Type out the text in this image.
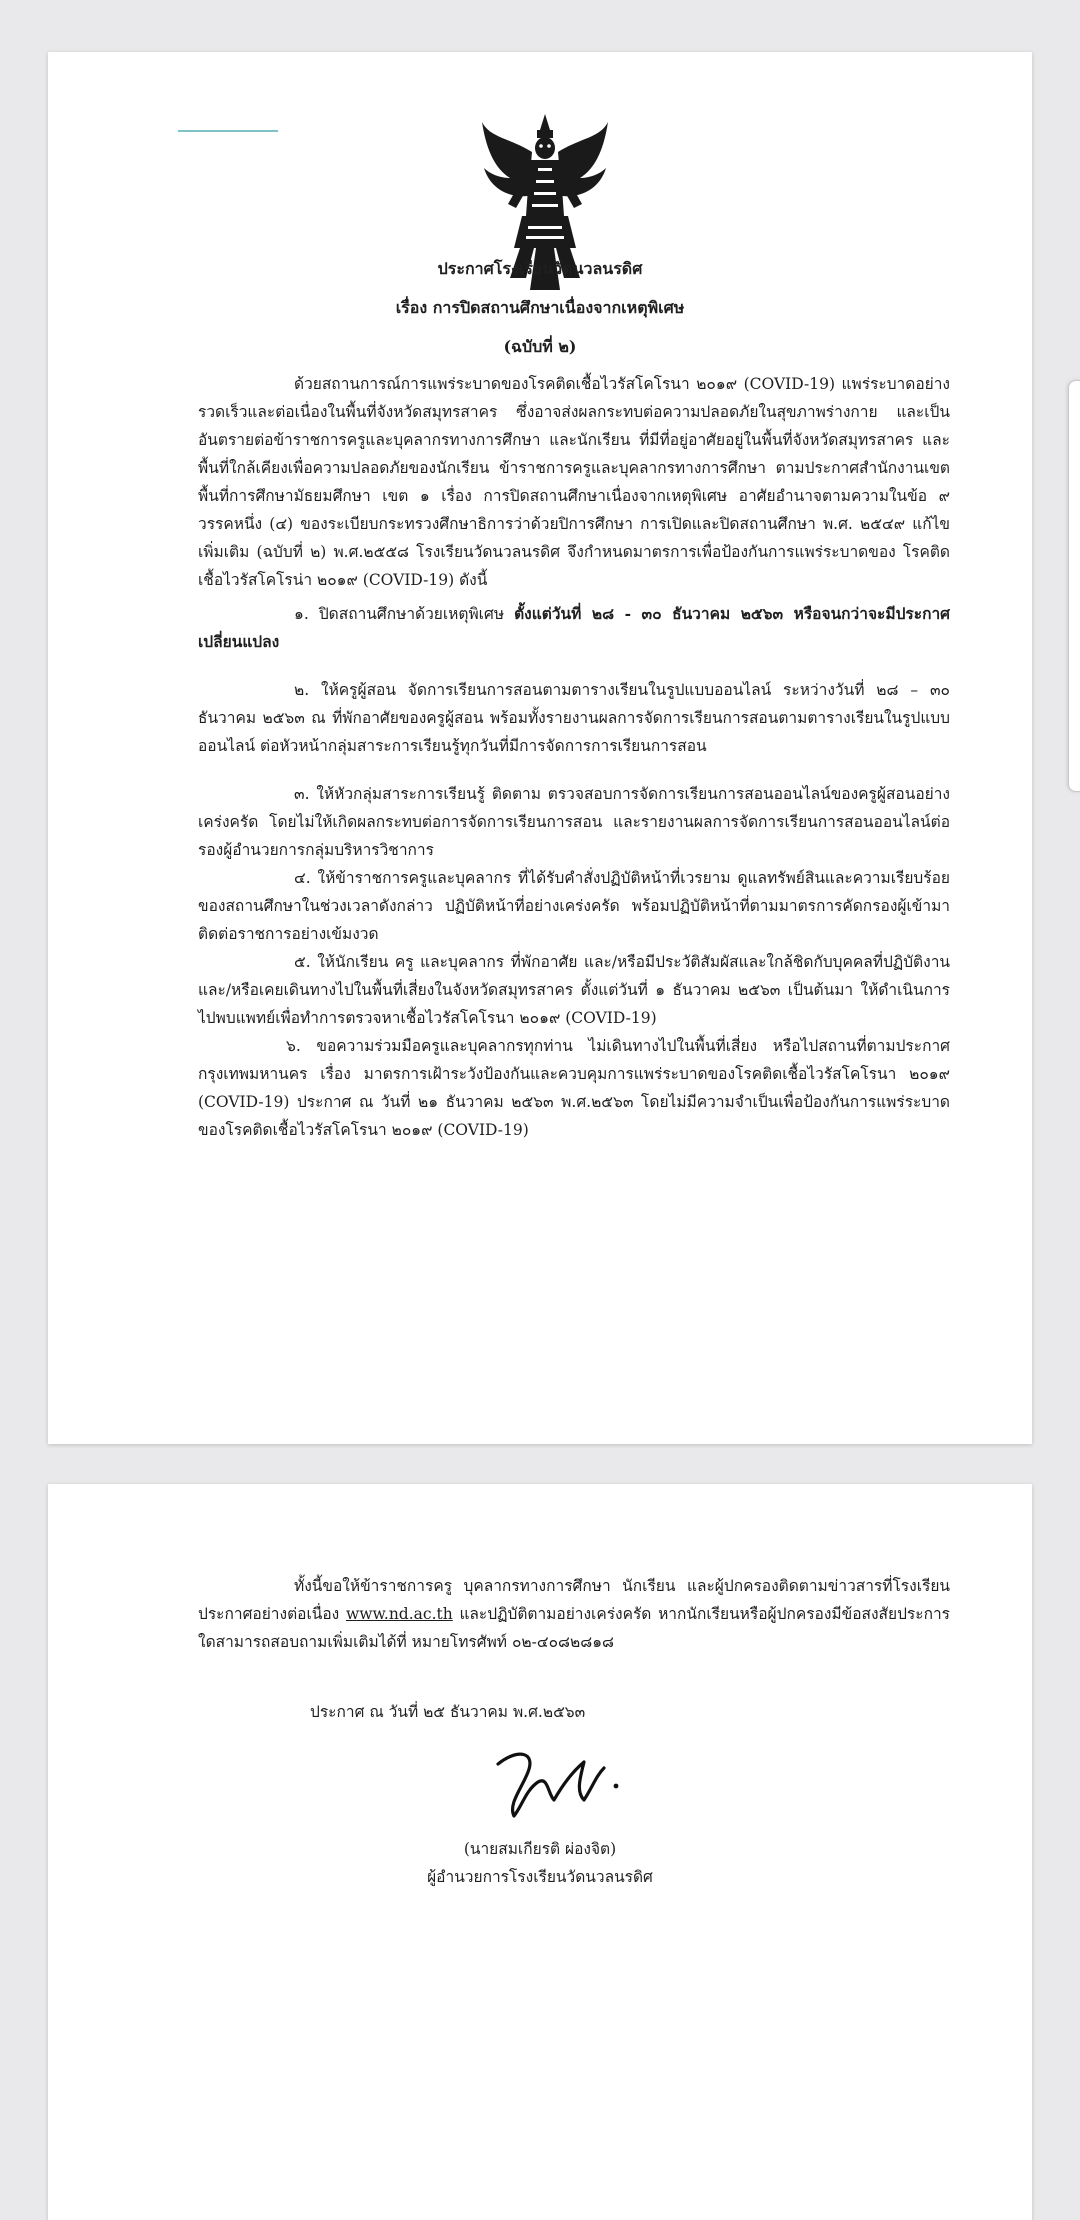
ประกาศโรงเรียนวัดนวลนรดิศ
เรื่อง การปิดสถานศึกษาเนื่องจากเหตุพิเศษ
(ฉบับที่ ๒)

ด้วยสถานการณ์การแพร่ระบาดของโรคติดเชื้อไวรัสโคโรนา ๒๐๑๙ (COVID-19) แพร่ระบาดอย่างรวดเร็วและต่อเนื่องในพื้นที่จังหวัดสมุทรสาคร ซึ่งอาจส่งผลกระทบต่อความปลอดภัยในสุขภาพร่างกาย และเป็นอันตรายต่อข้าราชการครูและบุคลากรทางการศึกษา และนักเรียน ที่มีที่อยู่อาศัยอยู่ในพื้นที่จังหวัดสมุทรสาคร และพื้นที่ใกล้เคียงเพื่อความปลอดภัยของนักเรียน ข้าราชการครูและบุคลากรทางการศึกษา ตามประกาศสำนักงานเขตพื้นที่การศึกษามัธยมศึกษา เขต ๑ เรื่อง การปิดสถานศึกษาเนื่องจากเหตุพิเศษ อาศัยอำนาจตามความในข้อ ๙ วรรคหนึ่ง (๔) ของระเบียบกระทรวงศึกษาธิการว่าด้วยปิการศึกษา การเปิดและปิดสถานศึกษา พ.ศ. ๒๕๔๙ แก้ไขเพิ่มเติม (ฉบับที่ ๒) พ.ศ.๒๕๕๘ โรงเรียนวัดนวลนรดิศ จึงกำหนดมาตรการเพื่อป้องกันการแพร่ระบาดของ โรคติดเชื้อไวรัสโคโรน่า ๒๐๑๙ (COVID-19) ดังนี้

๑. ปิดสถานศึกษาด้วยเหตุพิเศษ ตั้งแต่วันที่ ๒๘ - ๓๐ ธันวาคม ๒๕๖๓ หรือจนกว่าจะมีประกาศเปลี่ยนแปลง

๒. ให้ครูผู้สอน จัดการเรียนการสอนตามตารางเรียนในรูปแบบออนไลน์ ระหว่างวันที่ ๒๘ – ๓๐ ธันวาคม ๒๕๖๓ ณ ที่พักอาศัยของครูผู้สอน พร้อมทั้งรายงานผลการจัดการเรียนการสอนตามตารางเรียนในรูปแบบออนไลน์ ต่อหัวหน้ากลุ่มสาระการเรียนรู้ทุกวันที่มีการจัดการการเรียนการสอน

๓. ให้หัวกลุ่มสาระการเรียนรู้ ติดตาม ตรวจสอบการจัดการเรียนการสอนออนไลน์ของครูผู้สอนอย่างเคร่งครัด โดยไม่ให้เกิดผลกระทบต่อการจัดการเรียนการสอน และรายงานผลการจัดการเรียนการสอนออนไลน์ต่อรองผู้อำนวยการกลุ่มบริหารวิชาการ

๔. ให้ข้าราชการครูและบุคลากร ที่ได้รับคำสั่งปฏิบัติหน้าที่เวรยาม ดูแลทรัพย์สินและความเรียบร้อยของสถานศึกษาในช่วงเวลาดังกล่าว ปฏิบัติหน้าที่อย่างเคร่งครัด พร้อมปฏิบัติหน้าที่ตามมาตรการคัดกรองผู้เข้ามาติดต่อราชการอย่างเข้มงวด

๕. ให้นักเรียน ครู และบุคลากร ที่พักอาศัย และ/หรือมีประวัติสัมผัสและใกล้ชิดกับบุคคลที่ปฏิบัติงาน และ/หรือเคยเดินทางไปในพื้นที่เสี่ยงในจังหวัดสมุทรสาคร ตั้งแต่วันที่ ๑ ธันวาคม ๒๕๖๓ เป็นต้นมา ให้ดำเนินการไปพบแพทย์เพื่อทำการตรวจหาเชื้อไวรัสโคโรนา ๒๐๑๙ (COVID-19)

๖. ขอความร่วมมือครูและบุคลากรทุกท่าน ไม่เดินทางไปในพื้นที่เสี่ยง หรือไปสถานที่ตามประกาศกรุงเทพมหานคร เรื่อง มาตรการเฝ้าระวังป้องกันและควบคุมการแพร่ระบาดของโรคติดเชื้อไวรัสโคโรนา ๒๐๑๙ (COVID-19) ประกาศ ณ วันที่ ๒๑ ธันวาคม ๒๕๖๓ พ.ศ.๒๕๖๓ โดยไม่มีความจำเป็นเพื่อป้องกันการแพร่ระบาดของโรคติดเชื้อไวรัสโคโรนา ๒๐๑๙ (COVID-19)

ทั้งนี้ขอให้ข้าราชการครู บุคลากรทางการศึกษา นักเรียน และผู้ปกครองติดตามข่าวสารที่โรงเรียนประกาศอย่างต่อเนื่อง www.nd.ac.th และปฏิบัติตามอย่างเคร่งครัด หากนักเรียนหรือผู้ปกครองมีข้อสงสัยประการใดสามารถสอบถามเพิ่มเติมได้ที่ หมายโทรศัพท์ ๐๒-๔๐๘๒๘๑๘

ประกาศ ณ วันที่ ๒๕ ธันวาคม พ.ศ.๒๕๖๓
(นายสมเกียรติ ผ่องจิต)
ผู้อำนวยการโรงเรียนวัดนวลนรดิศ
